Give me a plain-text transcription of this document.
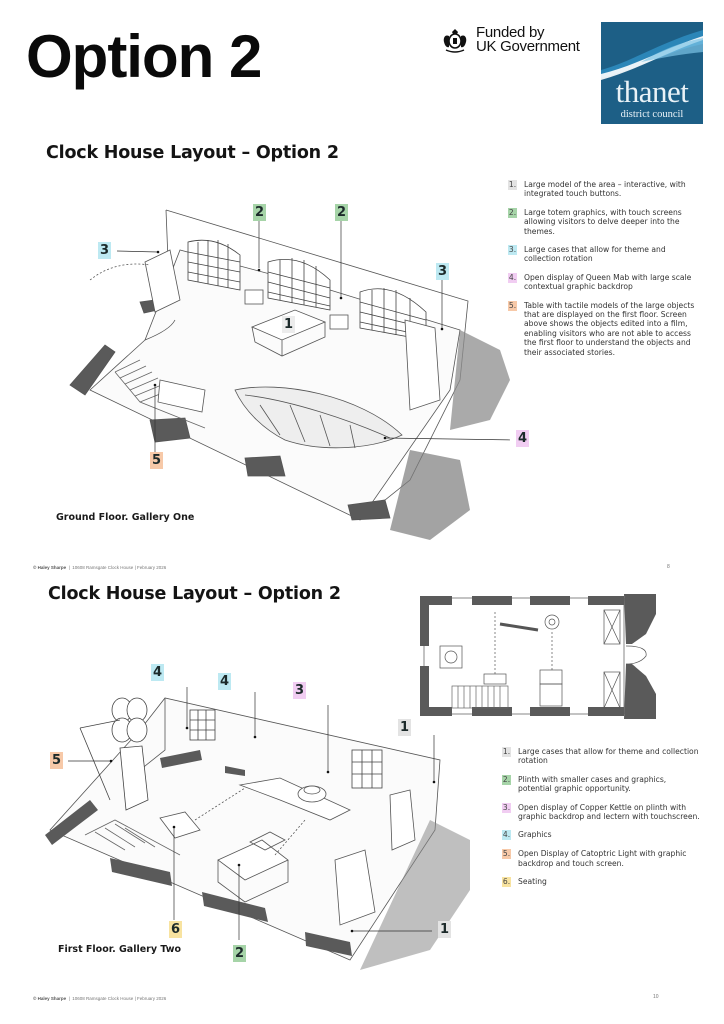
Option 2	Funded by
UK Government
thanet
district council
Clock House Layout – Option 2
2	2
3
3
1
4
5
Ground Floor. Gallery One
1. Large model of the area – interactive, with integrated touch buttons.
2. Large totem graphics, with touch screens allowing visitors to delve deeper into the themes.
3. Large cases that allow for theme and collection rotation
4. Open display of Queen Mab with large scale contextual graphic backdrop
5. Table with tactile models of the large objects that are displayed on the first floor. Screen above shows the objects edited into a film, enabling visitors who are not able to access the first floor to understand the objects and their associated stories.
© Haley Sharpe  |  10608 Ramsgate Clock House | February 2026	8
Clock House Layout – Option 2
4
4
3
1
5
6
2
1
First Floor. Gallery Two
1. Large cases that allow for theme and collection rotation
2. Plinth with smaller cases and graphics, potential graphic opportunity.
3. Open display of Copper Kettle on plinth with graphic backdrop and lectern with touchscreen.
4. Graphics
5. Open Display of Catoptric Light with graphic backdrop and touch screen.
6. Seating
© Haley Sharpe  |  10608 Ramsgate Clock House | February 2026	10
